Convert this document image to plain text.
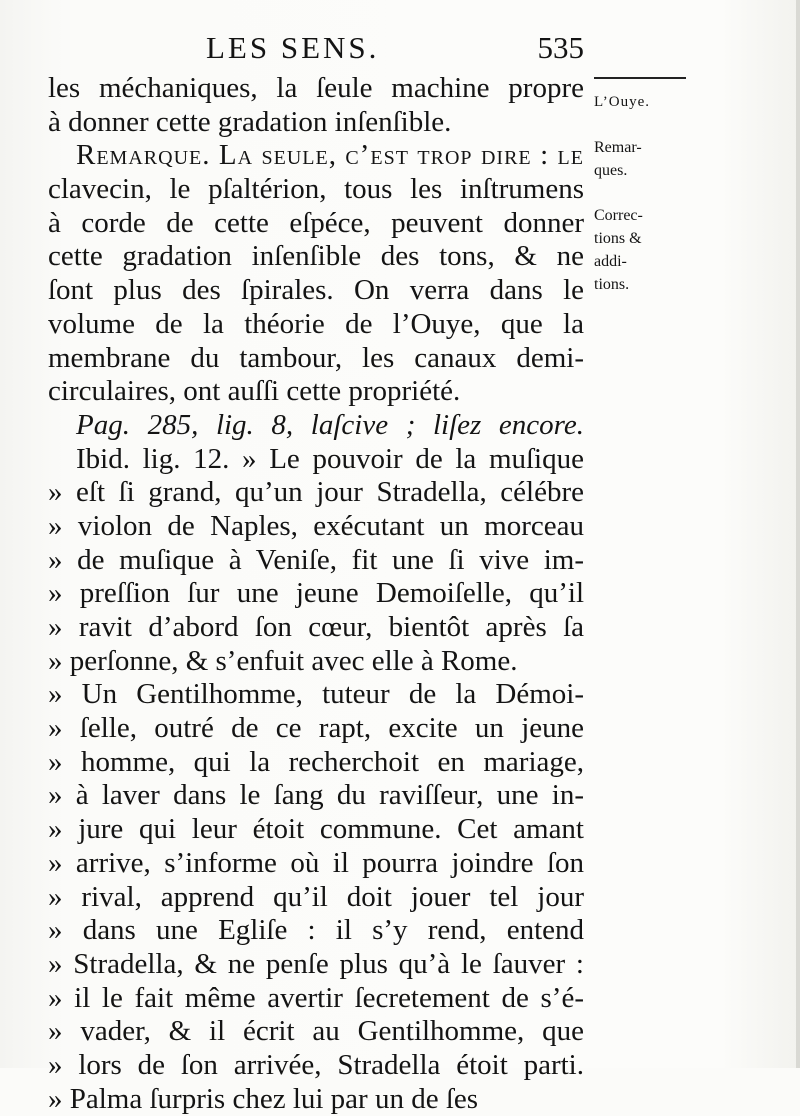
LES SENS.	535
les méchaniques, la ſeule machine propre
à donner cette gradation inſenſible.
Remarque. La ſeule, c’eſt trop dire : le
clavecin, le pſaltérion, tous les inſtrumens
à corde de cette eſpéce, peuvent donner
cette gradation inſenſible des tons, & ne
ſont plus des ſpirales. On verra dans le
volume de la théorie de l’Ouye, que la
membrane du tambour, les canaux demi-
circulaires, ont auſſi cette propriété.
Pag. 285, lig. 8, laſcive ; liſez encore.
Ibid. lig. 12. » Le pouvoir de la muſique
» eſt ſi grand, qu’un jour Stradella, célébre
» violon de Naples, exécutant un morceau
» de muſique à Veniſe, fit une ſi vive im-
» preſſion ſur une jeune Demoiſelle, qu’il
» ravit d’abord ſon cœur, bientôt après ſa
» perſonne, & s’enfuit avec elle à Rome.
» Un Gentilhomme, tuteur de la Démoi-
» ſelle, outré de ce rapt, excite un jeune
» homme, qui la recherchoit en mariage,
» à laver dans le ſang du raviſſeur, une in-
» jure qui leur étoit commune. Cet amant
» arrive, s’informe où il pourra joindre ſon
» rival, apprend qu’il doit jouer tel jour
» dans une Egliſe : il s’y rend, entend
» Stradella, & ne penſe plus qu’à le ſauver :
» il le fait même avertir ſecretement de s’é-
» vader, & il écrit au Gentilhomme, que
» lors de ſon arrivée, Stradella étoit parti.
» Palma ſurpris chez lui par un de ſes
L’Ouye.
Remar-
ques.
Correc-
tions &
addi-
tions.
